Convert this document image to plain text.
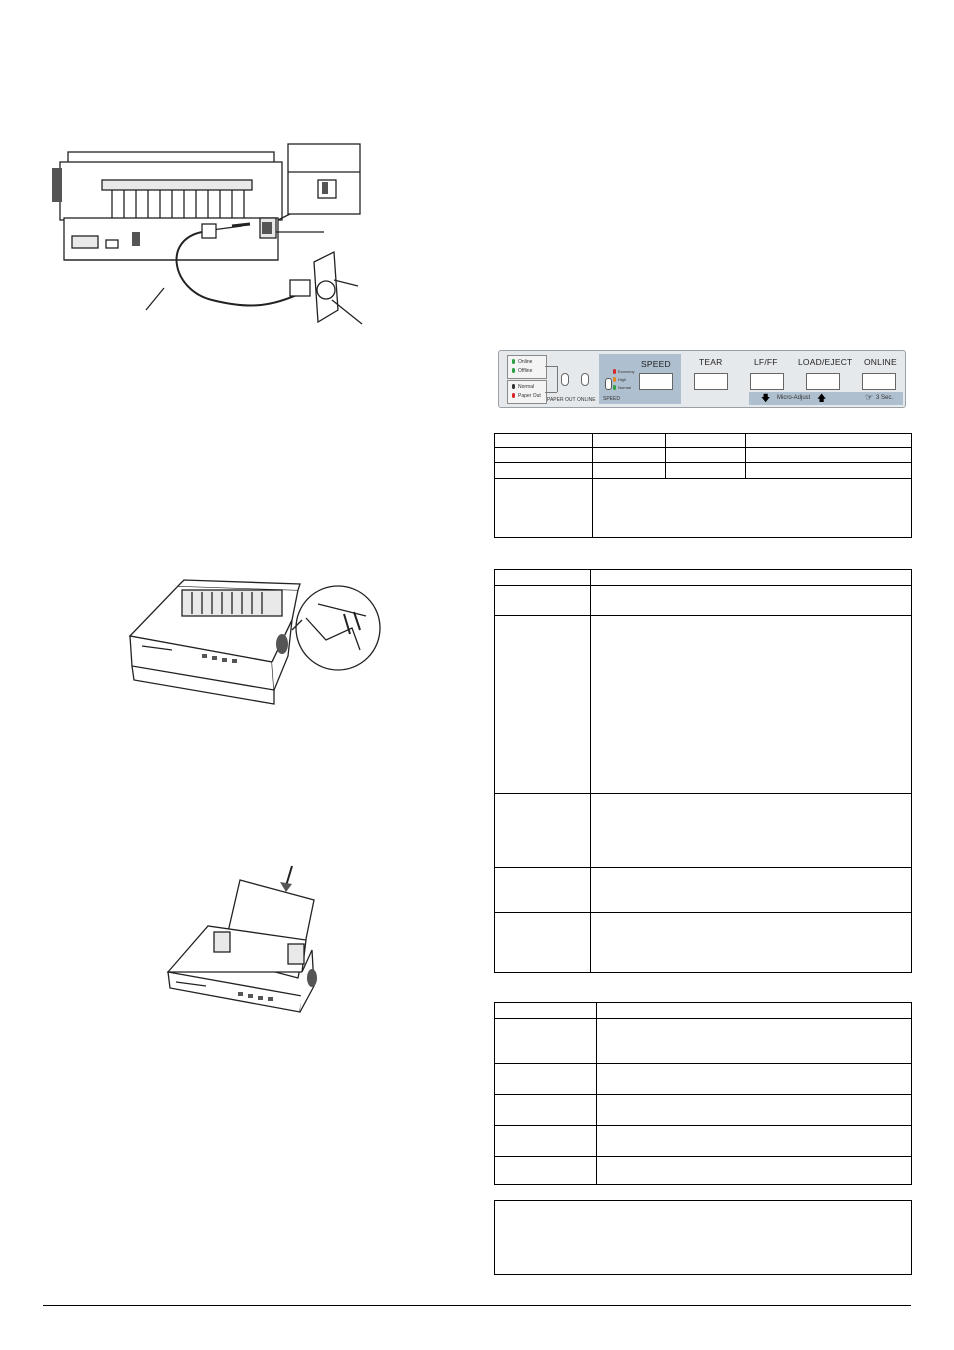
Online
Offline
Normal
Paper Out
PAPER OUT ONLINE
SPEED
Economy
High
Normal
SPEED
TEAR	LF/FF LOAD/EJECT ONLINE
🡇 Micro-Adjust 🡅	☞ 3 Sec.
